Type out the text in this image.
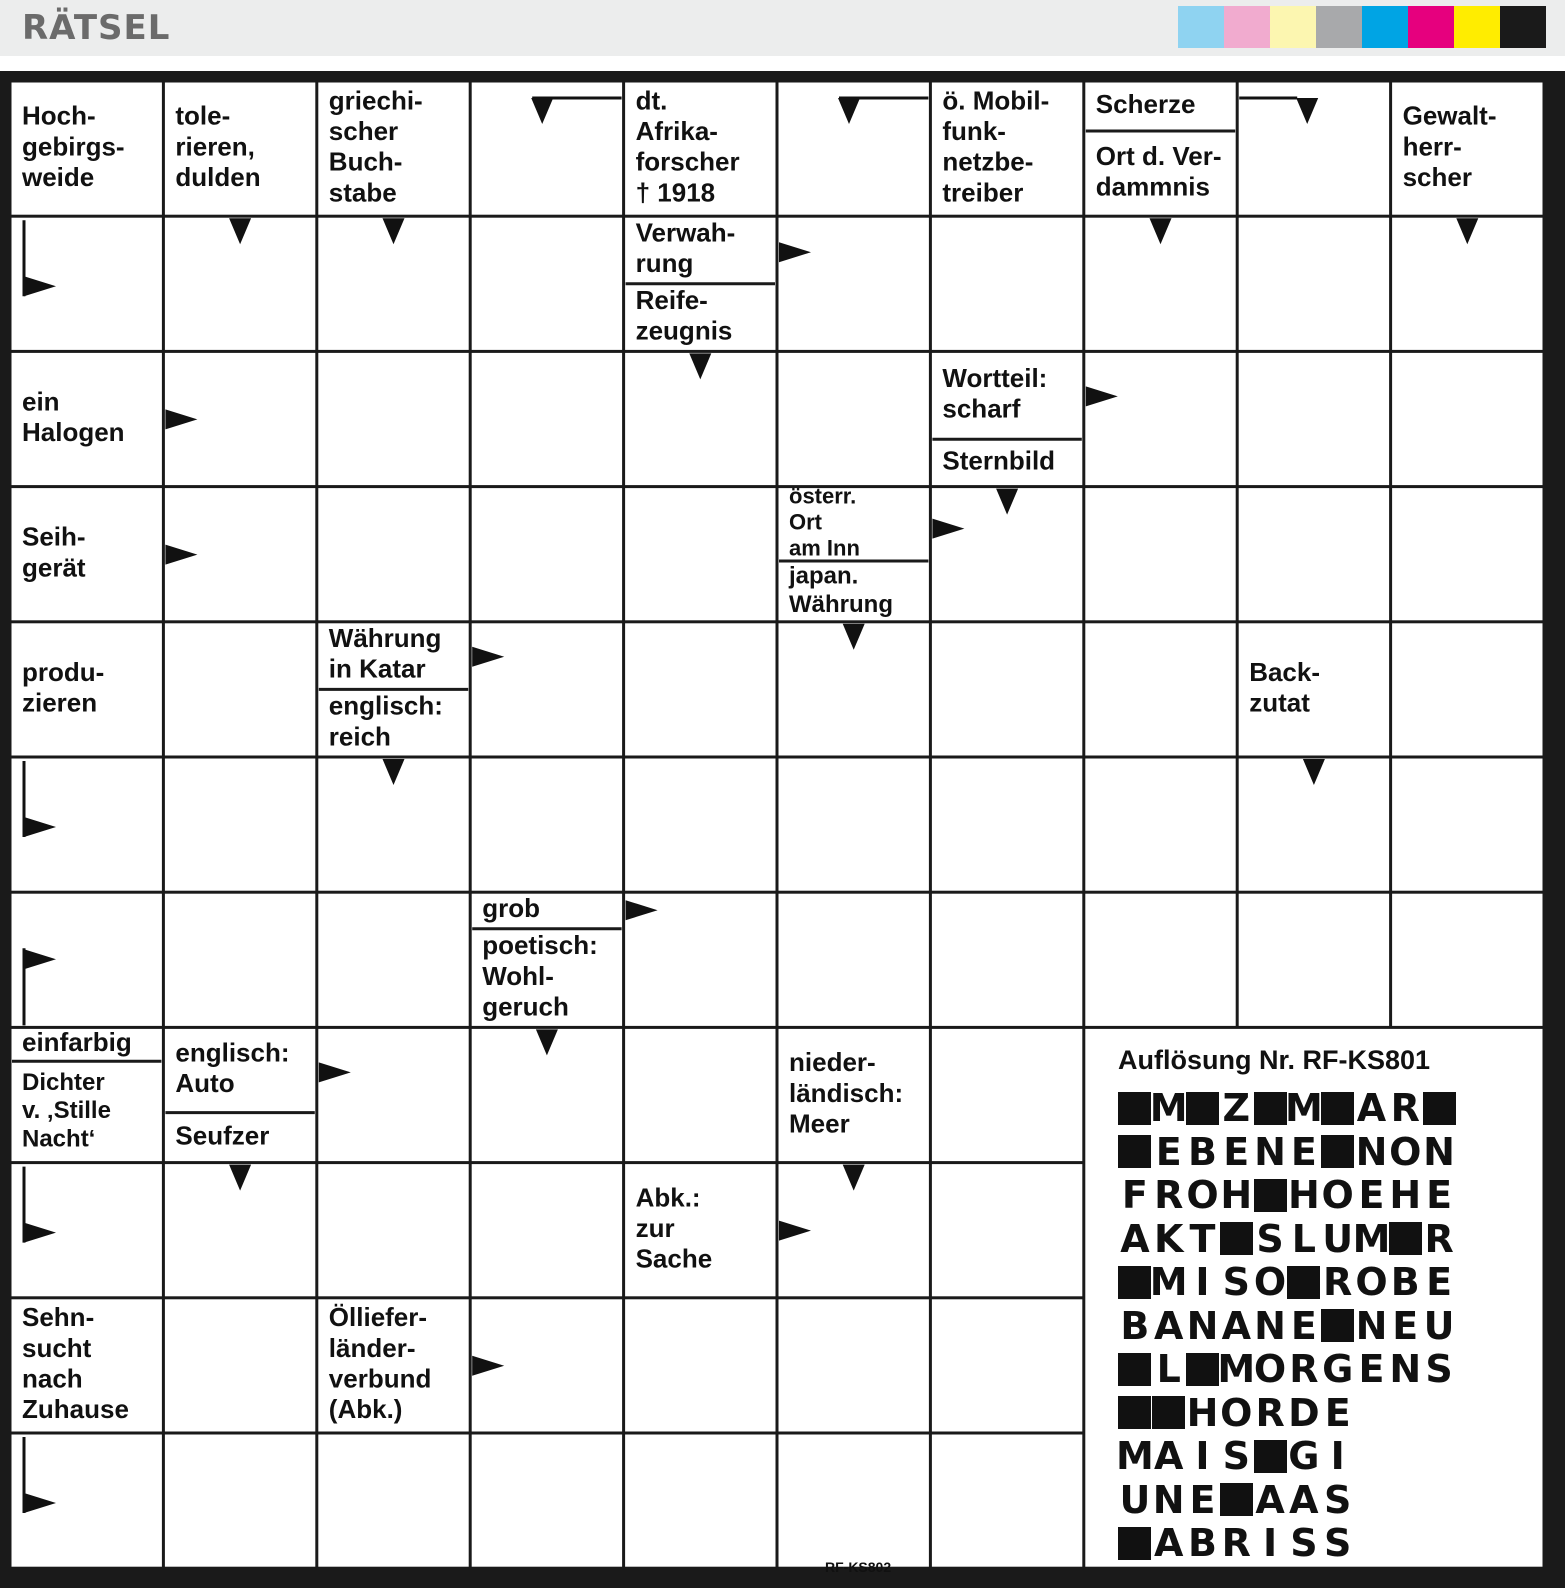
RÄTSEL
Hoch-gebirgs-weide
tole-rieren, dulden
griechi-scher Buch-stabe
dt. Afrika-forscher † 1918
ö. Mobil-funk-netzbe-treiber
Scherze
Ort d. Ver-dammnis
Gewalt-herr-scher
Verwah-rung
Reife-zeugnis
ein Halogen
Wortteil: scharf
Sternbild
Seih-gerät
österr. Ort am Inn
japan. Währung
produ-zieren
Währung in Katar
englisch: reich
Back-zutat
grob
poetisch: Wohl-geruch
einfarbig
Dichter v. ‚Stille Nacht‘
englisch: Auto
Seufzer
nieder-ländisch: Meer
Abk.: zur Sache
Sehn-sucht nach Zuhause
Ölliefer-länder-verbund (Abk.)
Auflösung Nr. RF-KS801
M Z M A R
E B E N E N O N
F R O H H O E H E
A K T S L U M R
M I S O R O B E
B A N A N E N E U
L M
O R G E N S
H O R D E
M A I S G I
U N E A A S
A B R I S S
RF-KS802
